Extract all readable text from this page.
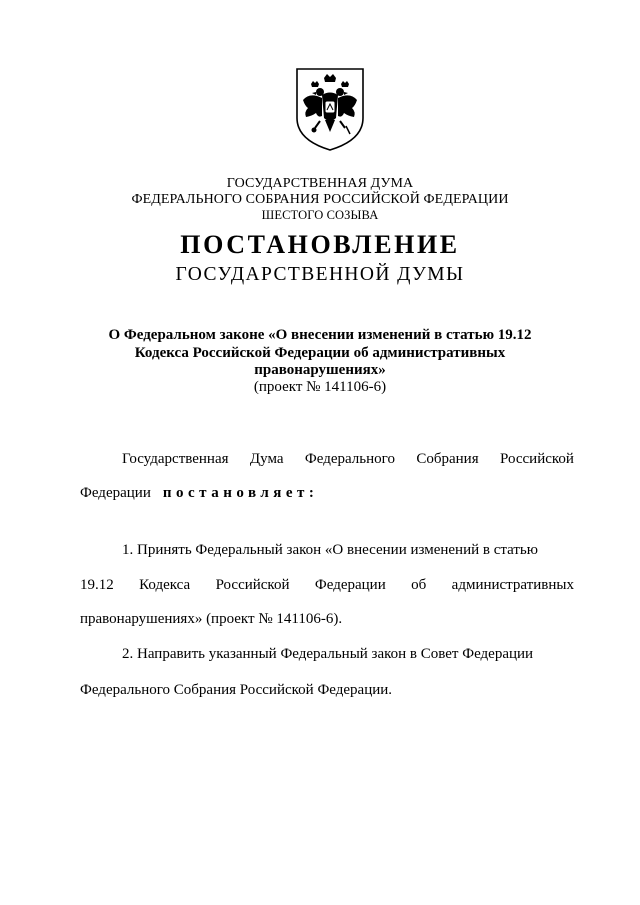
ГОСУДАРСТВЕННАЯ ДУМА
ФЕДЕРАЛЬНОГО СОБРАНИЯ РОССИЙСКОЙ ФЕДЕРАЦИИ
ШЕСТОГО СОЗЫВА
ПОСТАНОВЛЕНИЕ
ГОСУДАРСТВЕННОЙ ДУМЫ
О Федеральном законе «О внесении изменений в статью 19.12
Кодекса Российской Федерации об административных
правонарушениях»
(проект № 141106-6)
Государственная Дума Федерального Собрания Российской
Федерации постановляет:
1. Принять Федеральный закон «О внесении изменений в статью
19.12 Кодекса Российской Федерации об административных
правонарушениях» (проект № 141106-6).
2. Направить указанный Федеральный закон в Совет Федерации
Федерального Собрания Российской Федерации.
